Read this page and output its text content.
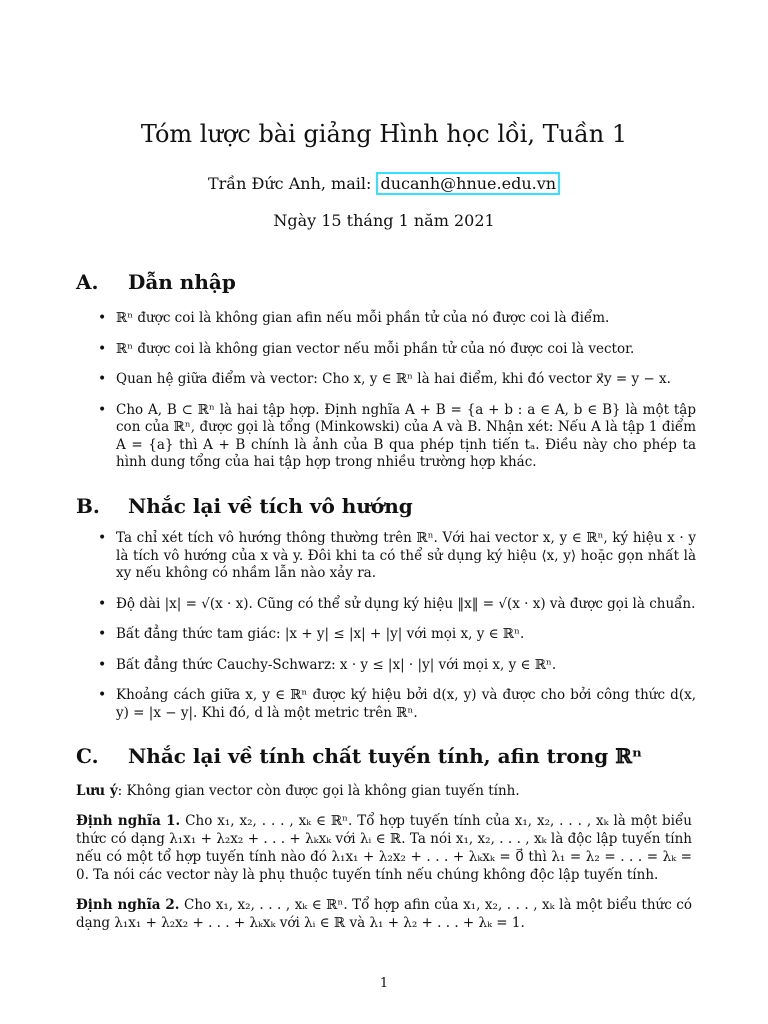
Tóm lược bài giảng Hình học lồi, Tuần 1
Trần Đức Anh, mail: ducanh@hnue.edu.vn
Ngày 15 tháng 1 năm 2021
A. Dẫn nhập
• ℝⁿ được coi là không gian afin nếu mỗi phần tử của nó được coi là điểm.
• ℝⁿ được coi là không gian vector nếu mỗi phần tử của nó được coi là vector.
• Quan hệ giữa điểm và vector: Cho x, y ∈ ℝⁿ là hai điểm, khi đó vector x⃗y = y − x.
• Cho A, B ⊂ ℝⁿ là hai tập hợp. Định nghĩa A + B = {a + b : a ∈ A, b ∈ B} là một tập con của ℝⁿ, được gọi là tổng (Minkowski) của A và B. Nhận xét: Nếu A là tập 1 điểm A = {a} thì A + B chính là ảnh của B qua phép tịnh tiến tₐ. Điều này cho phép ta hình dung tổng của hai tập hợp trong nhiều trường hợp khác.
B. Nhắc lại về tích vô hướng
• Ta chỉ xét tích vô hướng thông thường trên ℝⁿ. Với hai vector x, y ∈ ℝⁿ, ký hiệu x · y là tích vô hướng của x và y. Đôi khi ta có thể sử dụng ký hiệu ⟨x, y⟩ hoặc gọn nhất là xy nếu không có nhầm lẫn nào xảy ra.
• Độ dài |x| = √(x · x). Cũng có thể sử dụng ký hiệu ‖x‖ = √(x · x) và được gọi là chuẩn.
• Bất đẳng thức tam giác: |x + y| ≤ |x| + |y| với mọi x, y ∈ ℝⁿ.
• Bất đẳng thức Cauchy-Schwarz: x · y ≤ |x| · |y| với mọi x, y ∈ ℝⁿ.
• Khoảng cách giữa x, y ∈ ℝⁿ được ký hiệu bởi d(x, y) và được cho bởi công thức d(x, y) = |x − y|. Khi đó, d là một metric trên ℝⁿ.
C. Nhắc lại về tính chất tuyến tính, afin trong ℝⁿ

Lưu ý: Không gian vector còn được gọi là không gian tuyến tính.

Định nghĩa 1. Cho x₁, x₂, . . . , xₖ ∈ ℝⁿ. Tổ hợp tuyến tính của x₁, x₂, . . . , xₖ là một biểu thức có dạng λ₁x₁ + λ₂x₂ + . . . + λₖxₖ với λᵢ ∈ ℝ. Ta nói x₁, x₂, . . . , xₖ là độc lập tuyến tính nếu có một tổ hợp tuyến tính nào đó λ₁x₁ + λ₂x₂ + . . . + λₖxₖ = 0⃗ thì λ₁ = λ₂ = . . . = λₖ = 0. Ta nói các vector này là phụ thuộc tuyến tính nếu chúng không độc lập tuyến tính.

Định nghĩa 2. Cho x₁, x₂, . . . , xₖ ∈ ℝⁿ. Tổ hợp afin của x₁, x₂, . . . , xₖ là một biểu thức có dạng λ₁x₁ + λ₂x₂ + . . . + λₖxₖ với λᵢ ∈ ℝ và λ₁ + λ₂ + . . . + λₖ = 1.

1
